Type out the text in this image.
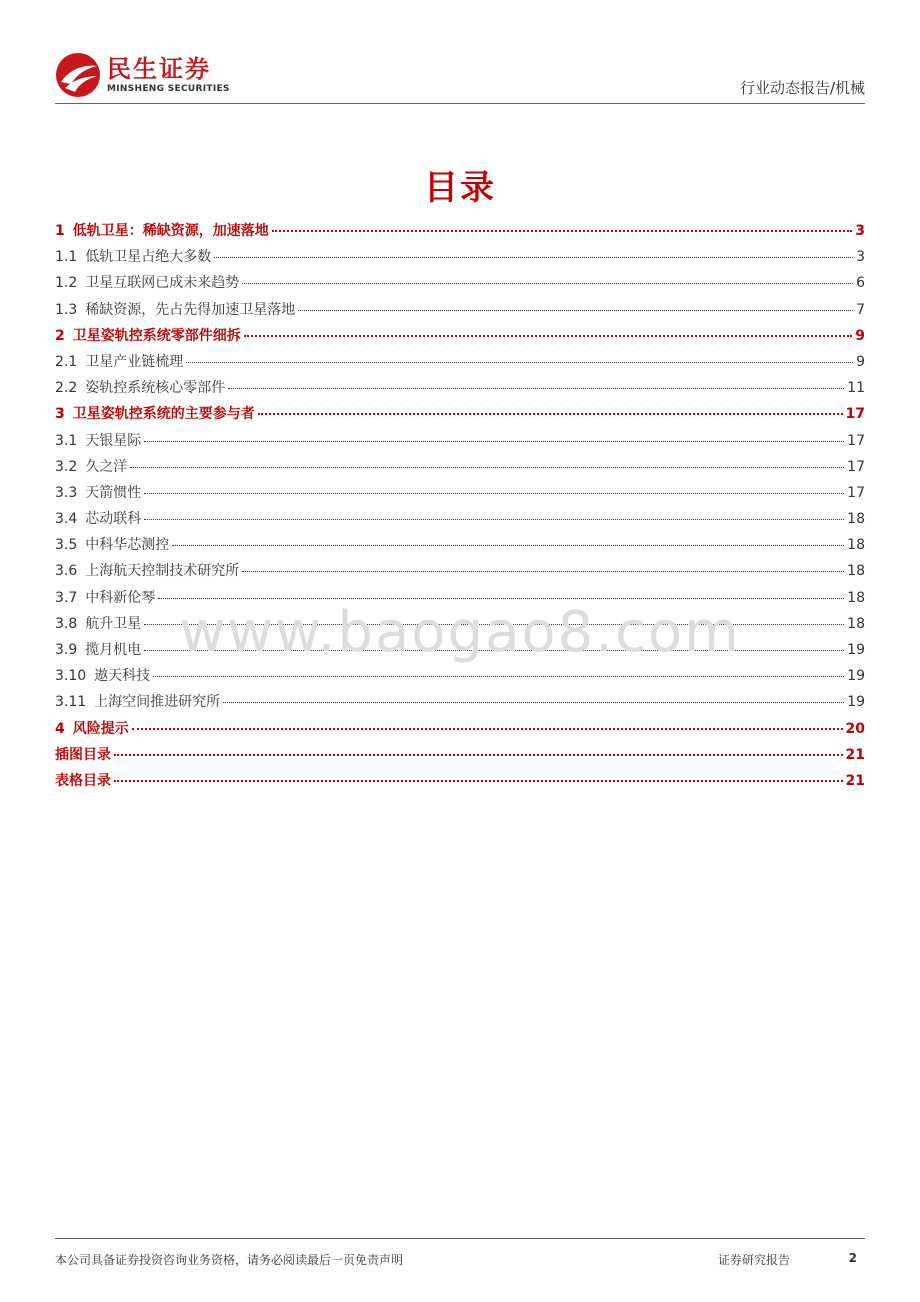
民生证券
MINSHENG SECURITIES	行业动态报告/机械
目录
1 低轨卫星：稀缺资源，加速落地	3
1.1 低轨卫星占绝大多数	3
1.2 卫星互联网已成未来趋势	6
1.3 稀缺资源，先占先得加速卫星落地	7
2 卫星姿轨控系统零部件细拆	9
2.1 卫星产业链梳理	9
2.2 姿轨控系统核心零部件	11
3 卫星姿轨控系统的主要参与者	17
3.1 天银星际	17
3.2 久之洋	17
3.3 天箭惯性	17
3.4 芯动联科	18
3.5 中科华芯测控	18
3.6 上海航天控制技术研究所	18
3.7 中科新伦琴	18
3.8 航升卫星	18
3.9 揽月机电	19
3.10 遨天科技	19
3.11 上海空间推进研究所	19
4 风险提示	20
插图目录	21
表格目录	21
www.baogao8.com
本公司具备证券投资咨询业务资格，请务必阅读最后一页免责声明	证券研究报告	2
